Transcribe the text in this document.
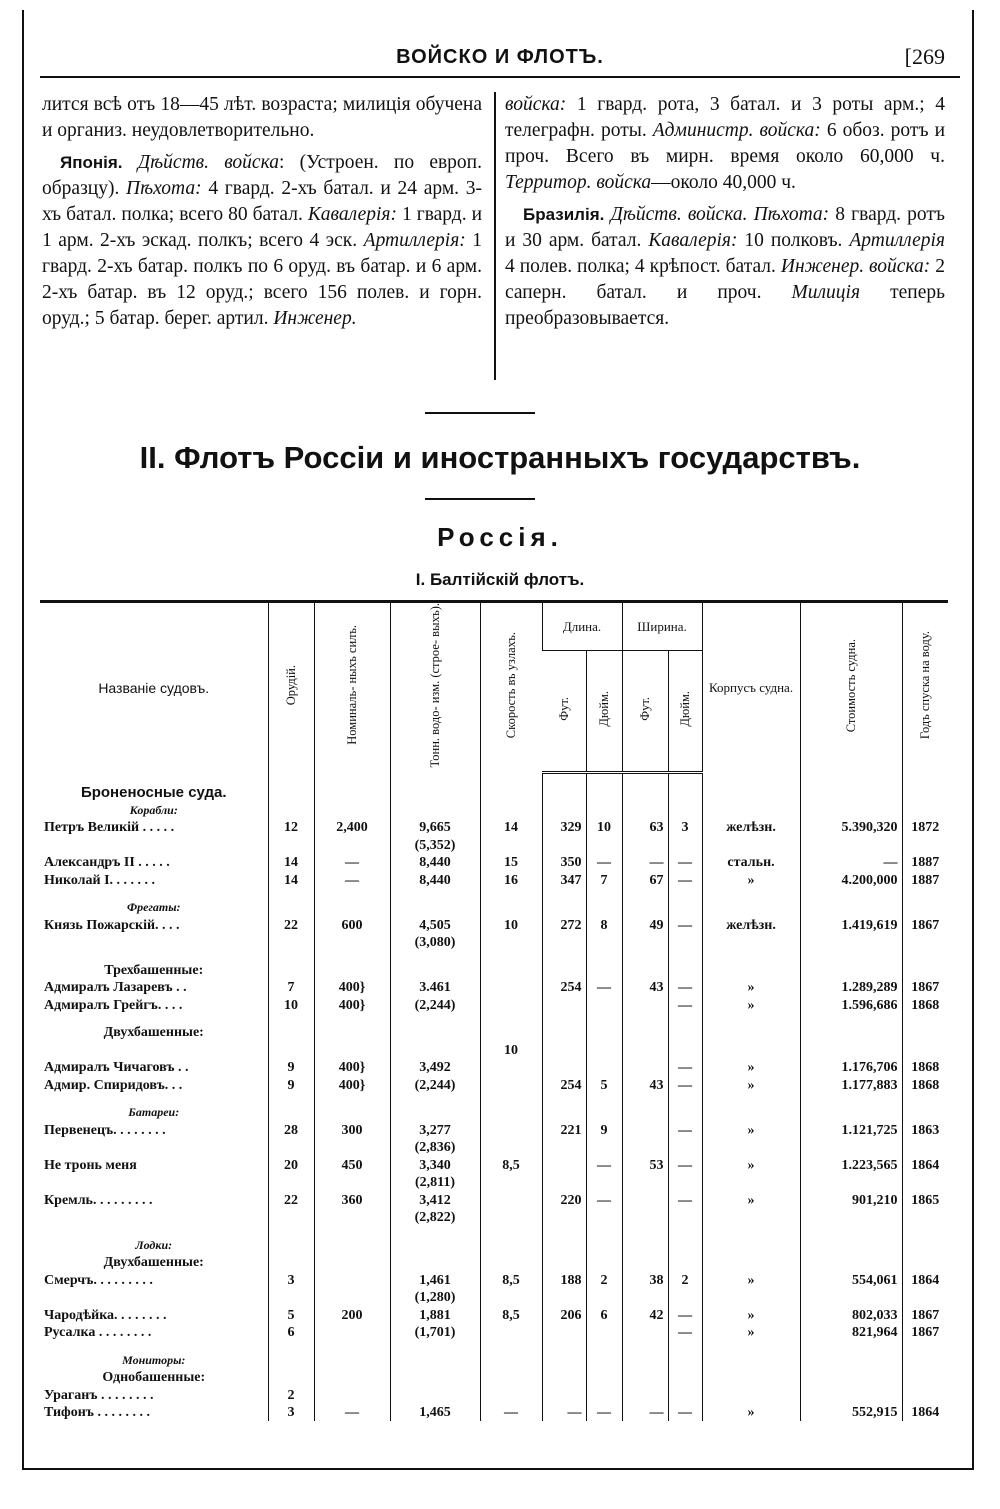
ВОЙСКО И ФЛОТЪ.	[269

лится всѣ отъ 18—45 лѣт. возраста; милиція обучена и организ. неудовлетворительно.

Японія. Дѣйств. войска: (Устроен. по европ. образцу). Пѣхота: 4 гвард. 2-хъ батал. и 24 арм. 3-хъ батал. полка; всего 80 батал. Кавалерія: 1 гвард. и 1 арм. 2-хъ эскад. полкъ; всего 4 эск. Артиллерія: 1 гвард. 2-хъ батар. полкъ по 6 оруд. въ батар. и 6 арм. 2-хъ батар. въ 12 оруд.; всего 156 полев. и горн. оруд.; 5 батар. берег. артил. Инженер.

войска: 1 гвард. рота, 3 батал. и 3 роты арм.; 4 телеграфн. роты. Администр. войска: 6 обоз. ротъ и проч. Всего въ мирн. время около 60,000 ч. Территор. войска—около 40,000 ч.

Бразилія. Дѣйств. войска. Пѣхота: 8 гвард. ротъ и 30 арм. батал. Кавалерія: 10 полковъ. Артиллерія 4 полев. полка; 4 крѣпост. батал. Инженер. войска: 2 саперн. батал. и проч. Милиція теперь преобразовывается.

II. Флотъ Россіи и иностранныхъ государствъ.
Россія.
I. Балтійскій флотъ.
Названіе судовъ.	Орудій.	Номиналь- ныхъ силъ.	Тонн. водо- изм. (строе- выхъ).	Скорость въ узлахъ.	Длина.		Ширина.		Корпусъ судна.	Стоимость судна.	Годъ спуска на воду.
					Фут.	Дюйм.	Фут.	Дюйм.			

Броненосные суда.											
Корабли:											
Петръ Великій . . . . .	12	2,400	9,665	14	329	10	63	3	желѣзн.	5.390,320	1872
			(5,352)								
Александръ II . . . . .	14	—	8,440	15	350	—	—	—	стальн.	—	1887
Николай I. . . . . . .	14	—	8,440	16	347	7	67	—	»	4.200,000	1887

Фрегаты:											
Князь Пожарскій. . . .	22	600	4,505	10	272	8	49	—	желѣзн.	1.419,619	1867
			(3,080)								

Трехбашенные:											
Адмиралъ Лазаревъ . .	7	400}	3.461		254	—	43	—	»	1.289,289	1867
Адмиралъ Грейгъ. . . .	10	400}	(2,244)					—	»	1.596,686	1868

Двухбашенные:											
				10							
Адмиралъ Чичаговъ . .	9	400}	3,492					—	»	1.176,706	1868
Адмир. Спиридовъ. . .	9	400}	(2,244)		254	5	43	—	»	1.177,883	1868

Батареи:											
Первенецъ. . . . . . . .	28	300	3,277		221	9		—	»	1.121,725	1863
			(2,836)								
Не тронь меня	20	450	3,340	8,5		—	53	—	»	1.223,565	1864
			(2,811)								
Кремль. . . . . . . . .	22	360	3,412		220	—		—	»	901,210	1865
			(2,822)								

Лодки:											
Двухбашенные:											
Смерчъ. . . . . . . . .	3		1,461	8,5	188	2	38	2	»	554,061	1864
			(1,280)								
Чародѣйка. . . . . . . .	5	200	1,881	8,5	206	6	42	—	»	802,033	1867
Русалка . . . . . . . .	6		(1,701)					—	»	821,964	1867

Мониторы:											
Однобашенные:											
Ураганъ . . . . . . . .	2										
Тифонъ . . . . . . . .	3	—	1,465	—	—	—	—	—	»	552,915	1864
